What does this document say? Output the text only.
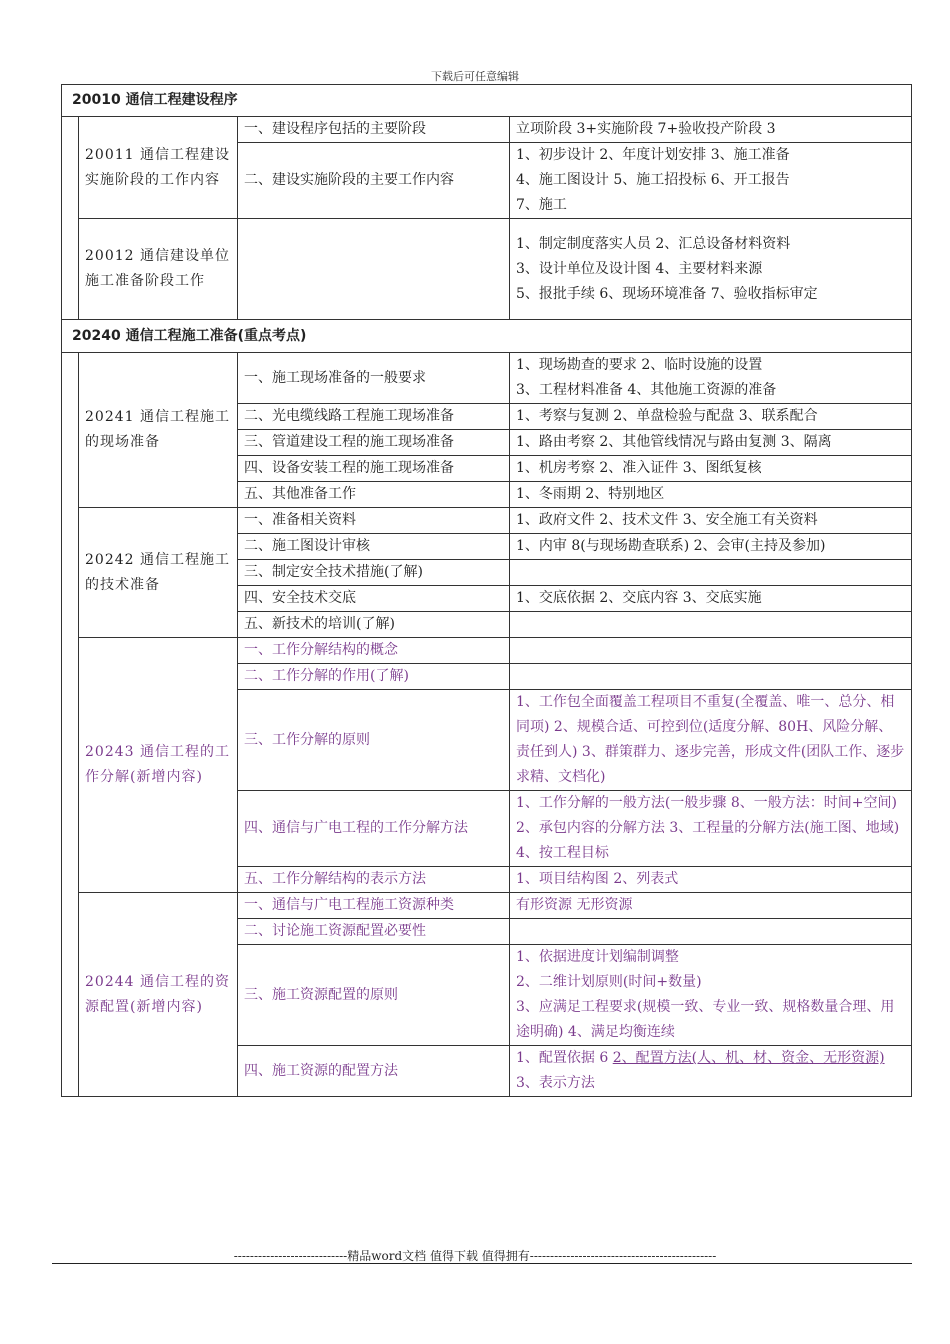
下载后可任意编辑
20010 通信工程建设程序			
	20011 通信工程建设实施阶段的工作内容	一、建设程序包括的主要阶段	立项阶段 3+实施阶段 7+验收投产阶段 3
		二、建设实施阶段的主要工作内容	1、初步设计 2、年度计划安排 3、施工准备
4、施工图设计 5、施工招投标 6、开工报告
7、施工

	20012 通信建设单位施工准备阶段工作		1、制定制度落实人员 2、汇总设备材料资料
3、设计单位及设计图 4、主要材料来源
5、报批手续 6、现场环境准备 7、验收指标审定

20240 通信工程施工准备(重点考点)			
	20241 通信工程施工的现场准备	一、施工现场准备的一般要求	1、现场勘查的要求 2、临时设施的设置
3、工程材料准备 4、其他施工资源的准备

		二、光电缆线路工程施工现场准备	1、考察与复测 2、单盘检验与配盘 3、联系配合
		三、管道建设工程的施工现场准备	1、路由考察 2、其他管线情况与路由复测 3、隔离
		四、设备安装工程的施工现场准备	1、机房考察 2、准入证件 3、图纸复核
		五、其他准备工作	1、冬雨期 2、特别地区
	20242 通信工程施工的技术准备	一、准备相关资料	1、政府文件 2、技术文件 3、安全施工有关资料
		二、施工图设计审核	1、内审 8(与现场勘查联系) 2、会审(主持及参加)
		三、制定安全技术措施(了解)	
		四、安全技术交底	1、交底依据 2、交底内容 3、交底实施
		五、新技术的培训(了解)	
	20243 通信工程的工作分解(新增内容)	一、工作分解结构的概念	
		二、工作分解的作用(了解)	
		三、工作分解的原则	1、工作包全面覆盖工程项目不重复(全覆盖、唯一、总分、相同项) 2、规模合适、可控到位(适度分解、80H、风险分解、责任到人) 3、群策群力、逐步完善，形成文件(团队工作、逐步求精、文档化)
		四、通信与广电工程的工作分解方法	1、工作分解的一般方法(一般步骤 8、一般方法：时间+空间) 2、承包内容的分解方法 3、工程量的分解方法(施工图、地域) 4、按工程目标
		五、工作分解结构的表示方法	1、项目结构图 2、列表式
	20244 通信工程的资源配置(新增内容)	一、通信与广电工程施工资源种类	有形资源 无形资源
		二、讨论施工资源配置必要性	
		三、施工资源配置的原则	1、依据进度计划编制调整
2、二维计划原则(时间+数量)
3、应满足工程要求(规模一致、专业一致、规格数量合理、用途明确) 4、满足均衡连续

		四、施工资源的配置方法	1、配置依据 6 2、配置方法(人、机、材、资金、无形资源) 3、表示方法
----------------------------精品word文档 值得下载 值得拥有----------------------------------------------
